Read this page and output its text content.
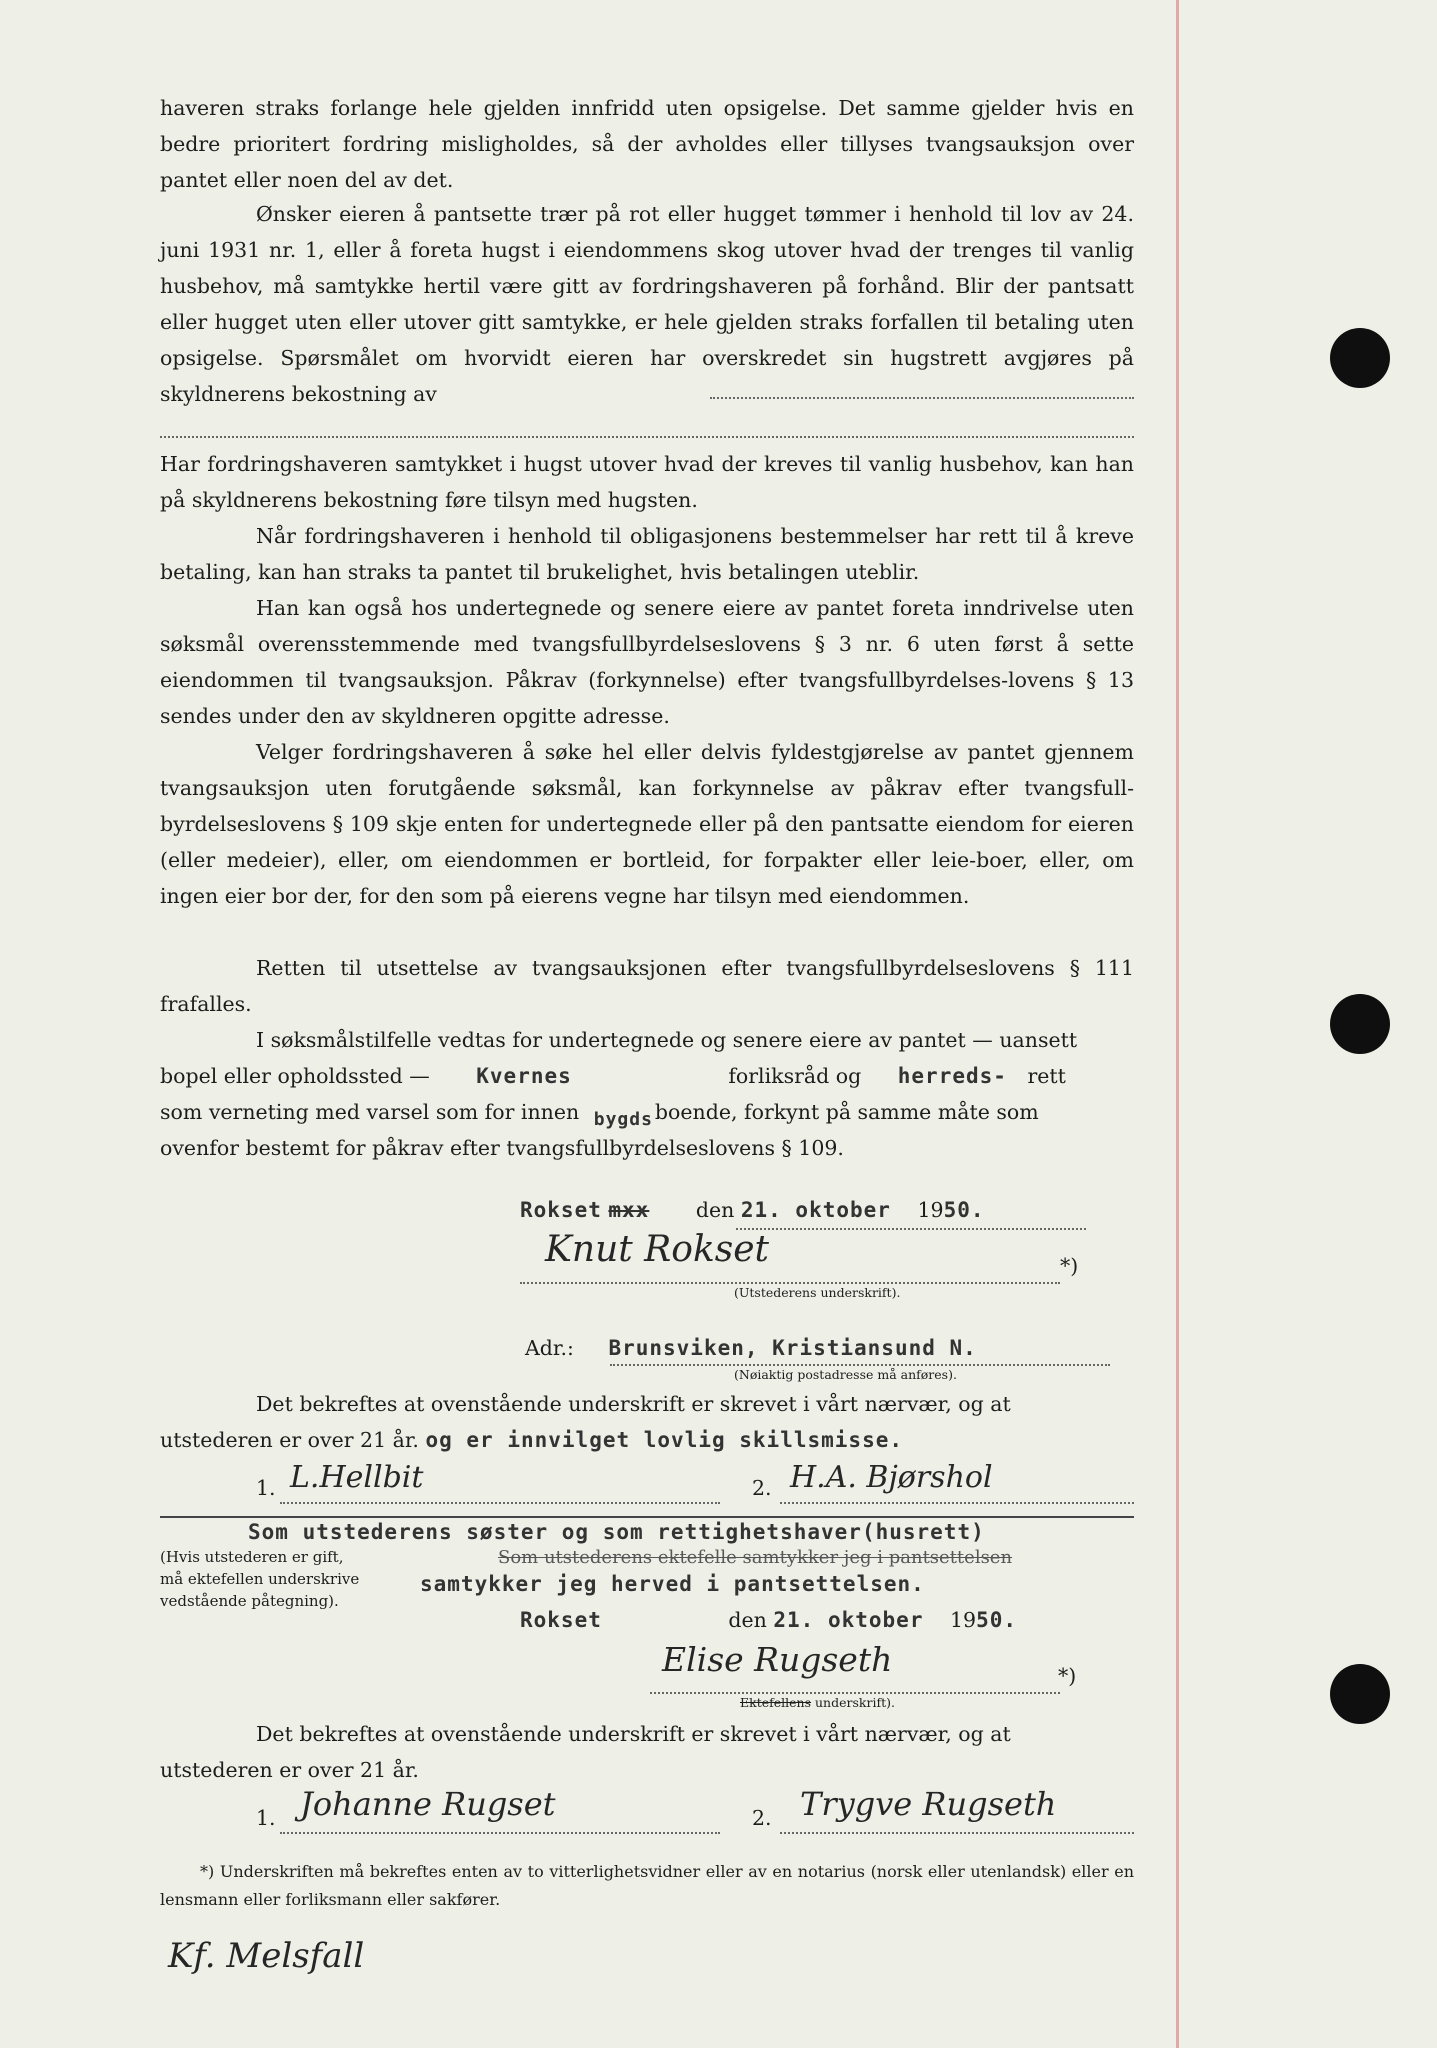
haveren straks forlange hele gjelden innfridd uten opsigelse. Det samme gjelder hvis en bedre prioritert fordring misligholdes, så der avholdes eller tillyses tvangsauksjon over pantet eller noen del av det.

Ønsker eieren å pantsette trær på rot eller hugget tømmer i henhold til lov av 24. juni 1931 nr. 1, eller å foreta hugst i eiendommens skog utover hvad der trenges til vanlig husbehov, må samtykke hertil være gitt av fordringshaveren på forhånd. Blir der pantsatt eller hugget uten eller utover gitt samtykke, er hele gjelden straks forfallen til betaling uten opsigelse. Spørsmålet om hvorvidt eieren har overskredet sin hugstrett avgjøres på skyldnerens bekostning av

Har fordringshaveren samtykket i hugst utover hvad der kreves til vanlig husbehov, kan han på skyldnerens bekostning føre tilsyn med hugsten.

Når fordringshaveren i henhold til obligasjonens bestemmelser har rett til å kreve betaling, kan han straks ta pantet til brukelighet, hvis betalingen uteblir.

Han kan også hos undertegnede og senere eiere av pantet foreta inndrivelse uten søksmål overensstemmende med tvangsfullbyrdelseslovens § 3 nr. 6 uten først å sette eiendommen til tvangsauksjon. Påkrav (forkynnelse) efter tvangsfullbyrdelses-lovens § 13 sendes under den av skyldneren opgitte adresse.

Velger fordringshaveren å søke hel eller delvis fyldestgjørelse av pantet gjennem tvangsauksjon uten forutgående søksmål, kan forkynnelse av påkrav efter tvangsfull-byrdelseslovens § 109 skje enten for undertegnede eller på den pantsatte eiendom for eieren (eller medeier), eller, om eiendommen er bortleid, for forpakter eller leie-boer, eller, om ingen eier bor der, for den som på eierens vegne har tilsyn med eiendommen.

Retten til utsettelse av tvangsauksjonen efter tvangsfullbyrdelseslovens § 111 frafalles.

I søksmålstilfelle vedtas for undertegnede og senere eiere av pantet — uansett

bopel eller opholdssted — Kvernes	forliksråd og herreds- rett
som verneting med varsel som for innen bygdsboende, forkynt på samme måte som
ovenfor bestemt for påkrav efter tvangsfullbyrdelseslovens § 109.
Rokset mxx den 21. oktober 1950.
Knut Rokset	*)
(Utstederens underskrift).
Adr.: Brunsviken, Kristiansund N.
(Nøiaktig postadresse må anføres).
Det bekreftes at ovenstående underskrift er skrevet i vårt nærvær, og at
utstederen er over 21 år. og er innvilget lovlig skillsmisse.
1. L.Hellbit	2. H.A. Bjørshol
Som utstederens søster og som rettighetshaver(husrett)
(Hvis utstederen er gift,
må ektefellen underskrive
vedstående påtegning).
Som utstederens ektefelle samtykker jeg i pantsettelsen
samtykker jeg herved i pantsettelsen.
Rokset	den 21. oktober 1950.
Elise Rugseth	*)
Ektefellens underskrift).
Det bekreftes at ovenstående underskrift er skrevet i vårt nærvær, og at
utstederen er over 21 år.
1. Johanne Rugset	2. Trygve Rugseth

*) Underskriften må bekreftes enten av to vitterlighetsvidner eller av en notarius (norsk eller utenlandsk) eller en lensmann eller forliksmann eller sakfører.

Kf. Melsfall
